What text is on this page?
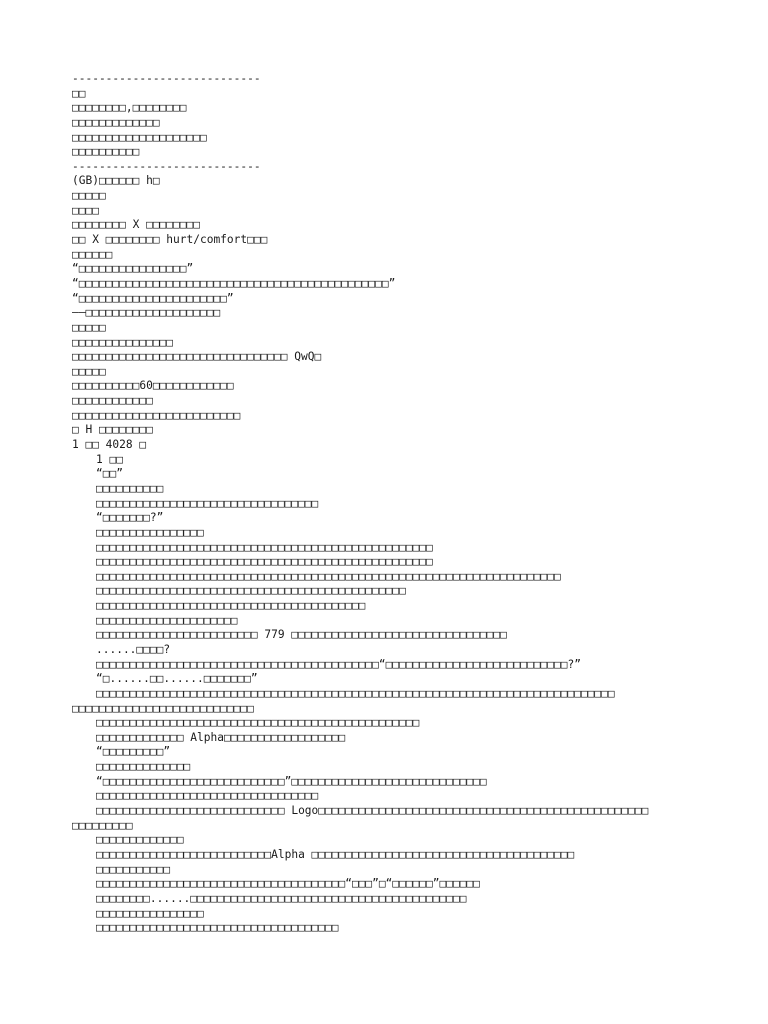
----------------------------
□□
□□□□□□□□,□□□□□□□□
□□□□□□□□□□□□□
□□□□□□□□□□□□□□□□□□□□
□□□□□□□□□□
----------------------------
(GB)□□□□□□ h□
□□□□□
□□□□
□□□□□□□□ X □□□□□□□□
□□ X □□□□□□□□ hurt/comfort□□□
□□□□□□
“□□□□□□□□□□□□□□□□”
“□□□□□□□□□□□□□□□□□□□□□□□□□□□□□□□□□□□□□□□□□□□□□□”
“□□□□□□□□□□□□□□□□□□□□□□”
——□□□□□□□□□□□□□□□□□□□□
□□□□□
□□□□□□□□□□□□□□□
□□□□□□□□□□□□□□□□□□□□□□□□□□□□□□□□ QwQ□
□□□□□
□□□□□□□□□□60□□□□□□□□□□□□
□□□□□□□□□□□□
□□□□□□□□□□□□□□□□□□□□□□□□□
□ H □□□□□□□□
1 □□ 4028 □
1 □□
“□□”
□□□□□□□□□□
□□□□□□□□□□□□□□□□□□□□□□□□□□□□□□□□□
“□□□□□□□?”
□□□□□□□□□□□□□□□□
□□□□□□□□□□□□□□□□□□□□□□□□□□□□□□□□□□□□□□□□□□□□□□□□□□
□□□□□□□□□□□□□□□□□□□□□□□□□□□□□□□□□□□□□□□□□□□□□□□□□□
□□□□□□□□□□□□□□□□□□□□□□□□□□□□□□□□□□□□□□□□□□□□□□□□□□□□□□□□□□□□□□□□□□□□□
□□□□□□□□□□□□□□□□□□□□□□□□□□□□□□□□□□□□□□□□□□□□□□
□□□□□□□□□□□□□□□□□□□□□□□□□□□□□□□□□□□□□□□□
□□□□□□□□□□□□□□□□□□□□□
□□□□□□□□□□□□□□□□□□□□□□□□ 779 □□□□□□□□□□□□□□□□□□□□□□□□□□□□□□□□
......□□□□?
□□□□□□□□□□□□□□□□□□□□□□□□□□□□□□□□□□□□□□□□□□“□□□□□□□□□□□□□□□□□□□□□□□□□□□?”
“□......□□......□□□□□□□”
□□□□□□□□□□□□□□□□□□□□□□□□□□□□□□□□□□□□□□□□□□□□□□□□□□□□□□□□□□□□□□□□□□□□□□□□□□□□□
□□□□□□□□□□□□□□□□□□□□□□□□□□□
□□□□□□□□□□□□□□□□□□□□□□□□□□□□□□□□□□□□□□□□□□□□□□□□
□□□□□□□□□□□□□ Alpha□□□□□□□□□□□□□□□□□□
“□□□□□□□□□”
□□□□□□□□□□□□□□
“□□□□□□□□□□□□□□□□□□□□□□□□□□□”□□□□□□□□□□□□□□□□□□□□□□□□□□□□□
□□□□□□□□□□□□□□□□□□□□□□□□□□□□□□□□□
□□□□□□□□□□□□□□□□□□□□□□□□□□□□ Logo□□□□□□□□□□□□□□□□□□□□□□□□□□□□□□□□□□□□□□□□□□□□□□□□□
□□□□□□□□□
□□□□□□□□□□□□□
□□□□□□□□□□□□□□□□□□□□□□□□□□Alpha □□□□□□□□□□□□□□□□□□□□□□□□□□□□□□□□□□□□□□□
□□□□□□□□□□□
□□□□□□□□□□□□□□□□□□□□□□□□□□□□□□□□□□□□□“□□□”□“□□□□□□”□□□□□□
□□□□□□□□......□□□□□□□□□□□□□□□□□□□□□□□□□□□□□□□□□□□□□□□□□
□□□□□□□□□□□□□□□□
□□□□□□□□□□□□□□□□□□□□□□□□□□□□□□□□□□□□
